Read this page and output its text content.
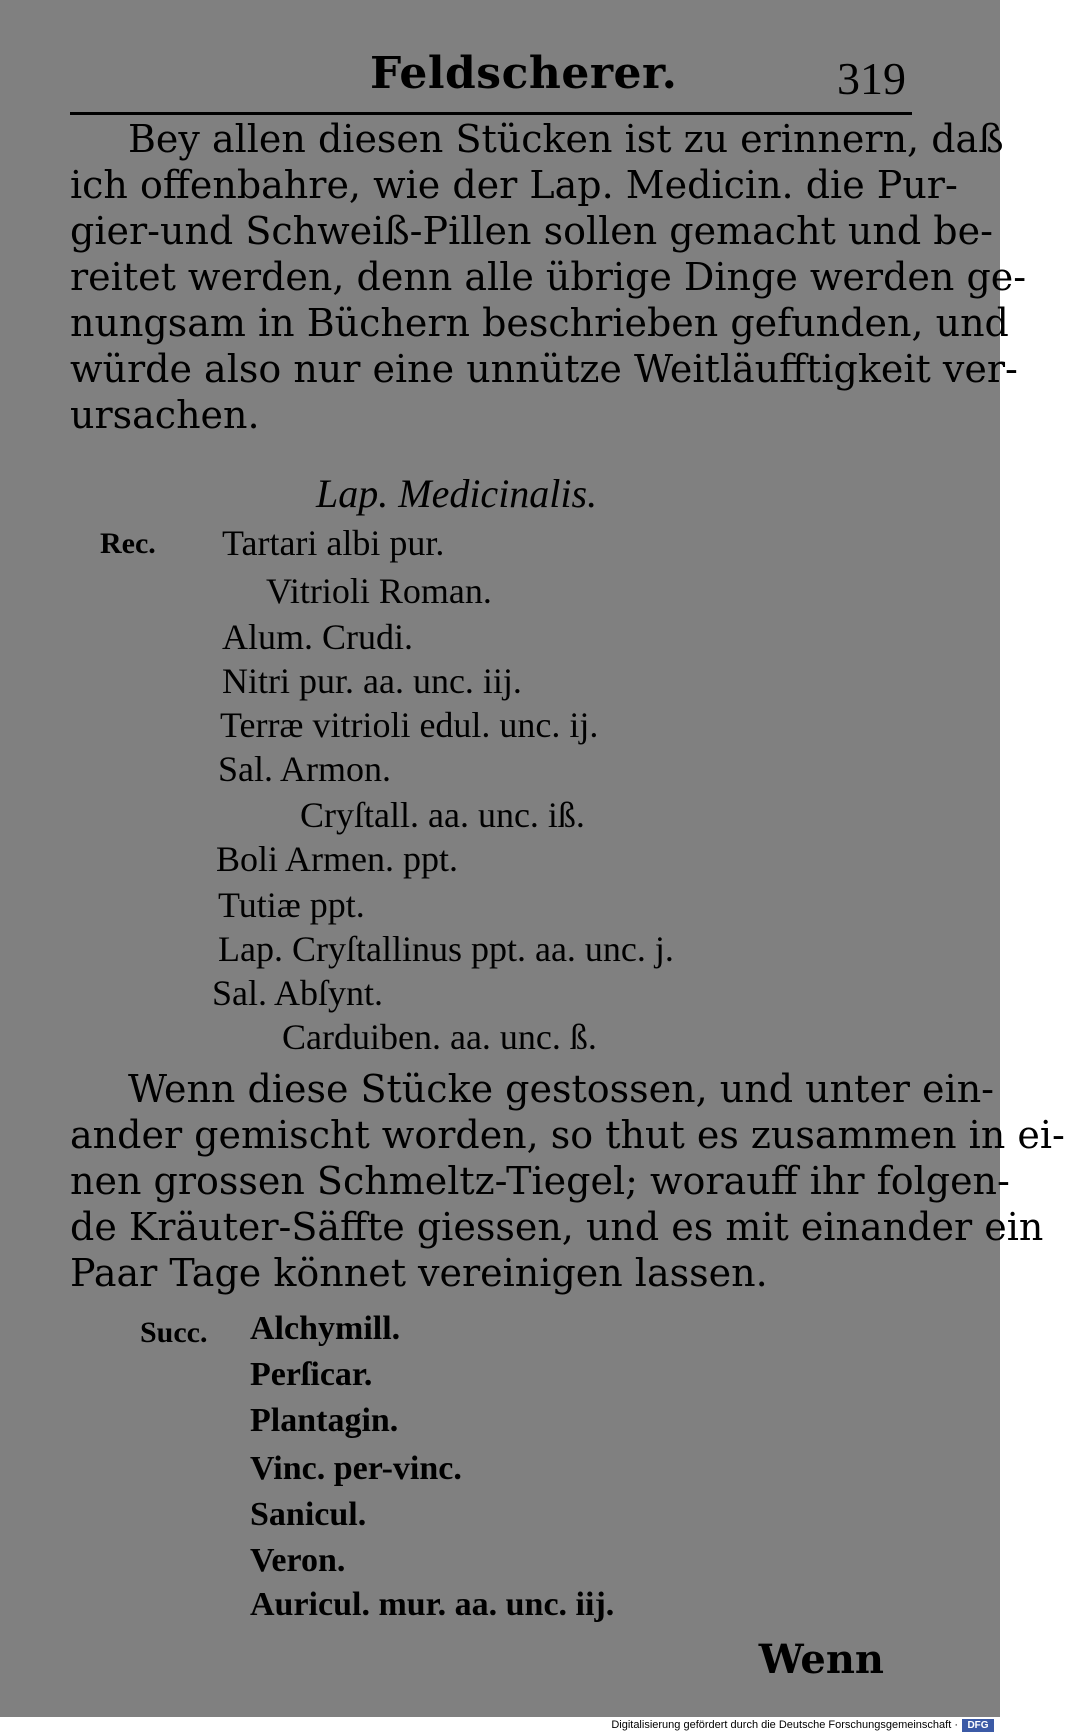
Feldscherer.	319
Bey allen diesen Stücken ist zu erinnern, daß
ich offenbahre, wie der Lap. Medicin. die Pur-
gier-und Schweiß-Pillen sollen gemacht und be-
reitet werden, denn alle übrige Dinge werden ge-
nungsam in Büchern beschrieben gefunden, und
würde also nur eine unnütze Weitläufftigkeit ver-
ursachen.
Lap. Medicinalis.
Rec. Tartari albi pur.
Vitrioli Roman.
Alum. Crudi.
Nitri pur. aa. unc. iij.
Terræ vitrioli edul. unc. ij.
Sal. Armon.
Cryſtall. aa. unc. iß.
Boli Armen. ppt.
Tutiæ ppt.
Lap. Cryſtallinus ppt. aa. unc. j.
Sal. Abſynt.
Carduiben. aa. unc. ß.
Wenn diese Stücke gestossen, und unter ein-
ander gemischt worden, so thut es zusammen in ei-
nen grossen Schmeltz-Tiegel; worauff ihr folgen-
de Kräuter-Säffte giessen, und es mit einander ein
Paar Tage könnet vereinigen lassen.
Succ. Alchymill.
Perſicar.
Plantagin.
Vinc. per-vinc.
Sanicul.
Veron.
Auricul. mur. aa. unc. iij.
Wenn
Digitalisierung gefördert durch die Deutsche Forschungsgemeinschaft · DFG
